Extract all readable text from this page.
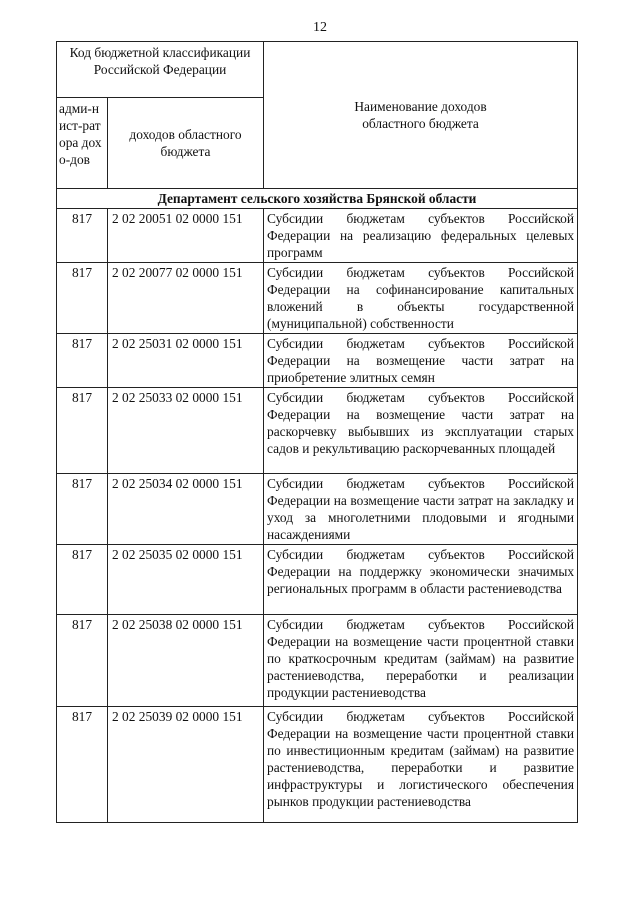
12
Код бюджетной классификации Российской Федерации		Наименование доходов областного бюджета

адми-нист-ратора дохо-дов	доходов областного бюджета	

Департамент сельского хозяйства Брянской области		
817	2 02 20051 02 0000 151	Субсидии бюджетам субъектов Российской Федерации на реализацию федеральных целевых программ
817	2 02 20077 02 0000 151	Субсидии бюджетам субъектов Российской Федерации на софинансирование капитальных вложений в объекты государственной (муниципальной) собственности
817	2 02 25031 02 0000 151	Субсидии бюджетам субъектов Российской Федерации на возмещение части затрат на приобретение элитных семян
817	2 02 25033 02 0000 151	Субсидии бюджетам субъектов Российской Федерации на возмещение части затрат на раскорчевку выбывших из эксплуатации старых садов и рекультивацию раскорчеванных площадей
817	2 02 25034 02 0000 151	Субсидии бюджетам субъектов Российской Федерации на возмещение части затрат на закладку и уход за многолетними плодовыми и ягодными насаждениями
817	2 02 25035 02 0000 151	Субсидии бюджетам субъектов Российской Федерации на поддержку экономически значимых региональных программ в области растениеводства
817	2 02 25038 02 0000 151	Субсидии бюджетам субъектов Российской Федерации на возмещение части процентной ставки по краткосрочным кредитам (займам) на развитие растениеводства, переработки и реализации продукции растениеводства
817	2 02 25039 02 0000 151	Субсидии бюджетам субъектов Российской Федерации на возмещение части процентной ставки по инвестиционным кредитам (займам) на развитие растениеводства, переработки и развитие инфраструктуры и логистического обеспечения рынков продукции растениеводства
